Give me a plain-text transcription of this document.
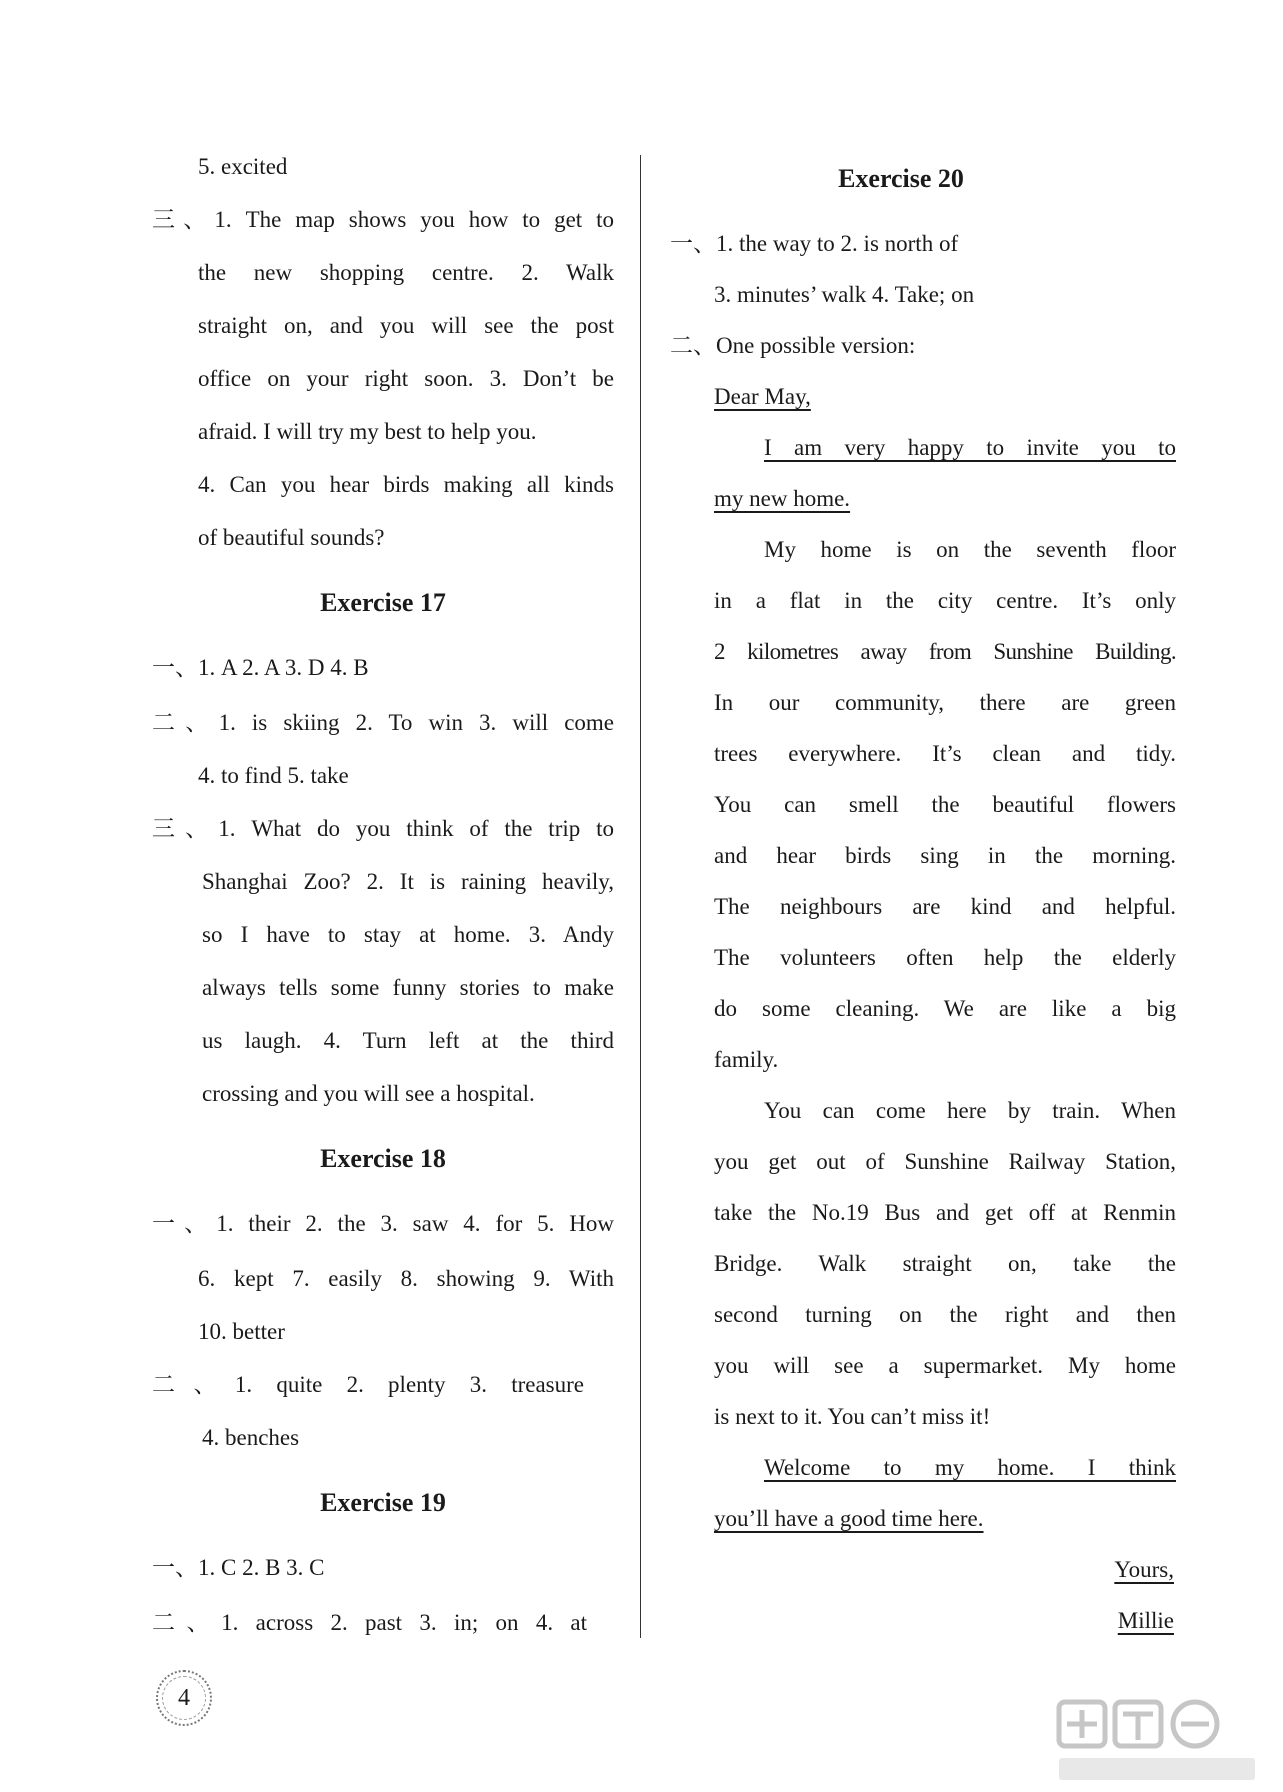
5. excited
三、1. The map shows you how to get to
the new shopping centre. 2. Walk
straight on, and you will see the post
office on your right soon. 3. Don’t be
afraid. I will try my best to help you.
4. Can you hear birds making all kinds
of beautiful sounds?
Exercise 17
一、1. A 2. A 3. D 4. B
二、1. is skiing 2. To win 3. will come
4. to find 5. take
三、1. What do you think of the trip to
Shanghai Zoo? 2. It is raining heavily,
so I have to stay at home. 3. Andy
always tells some funny stories to make
us laugh. 4. Turn left at the third
crossing and you will see a hospital.
Exercise 18
一、1. their 2. the 3. saw 4. for 5. How
6. kept 7. easily 8. showing 9. With
10. better
二、1. quite 2. plenty 3. treasure
4. benches
Exercise 19
一、1. C 2. B 3. C
二、1. across 2. past 3. in; on 4. at
Exercise 20
一、1. the way to 2. is north of
3. minutes’ walk 4. Take; on
二、One possible version:
Dear May,
I am very happy to invite you to
my new home.
My home is on the seventh floor
in a flat in the city centre. It’s only
2 kilometres away from Sunshine Building.
In our community, there are green
trees everywhere. It’s clean and tidy.
You can smell the beautiful flowers
and hear birds sing in the morning.
The neighbours are kind and helpful.
The volunteers often help the elderly
do some cleaning. We are like a big
family.
You can come here by train. When
you get out of Sunshine Railway Station,
take the No.19 Bus and get off at Renmin
Bridge. Walk straight on, take the
second turning on the right and then
you will see a supermarket. My home
is next to it. You can’t miss it!
Welcome to my home. I think
you’ll have a good time here.
Yours,
Millie
4
